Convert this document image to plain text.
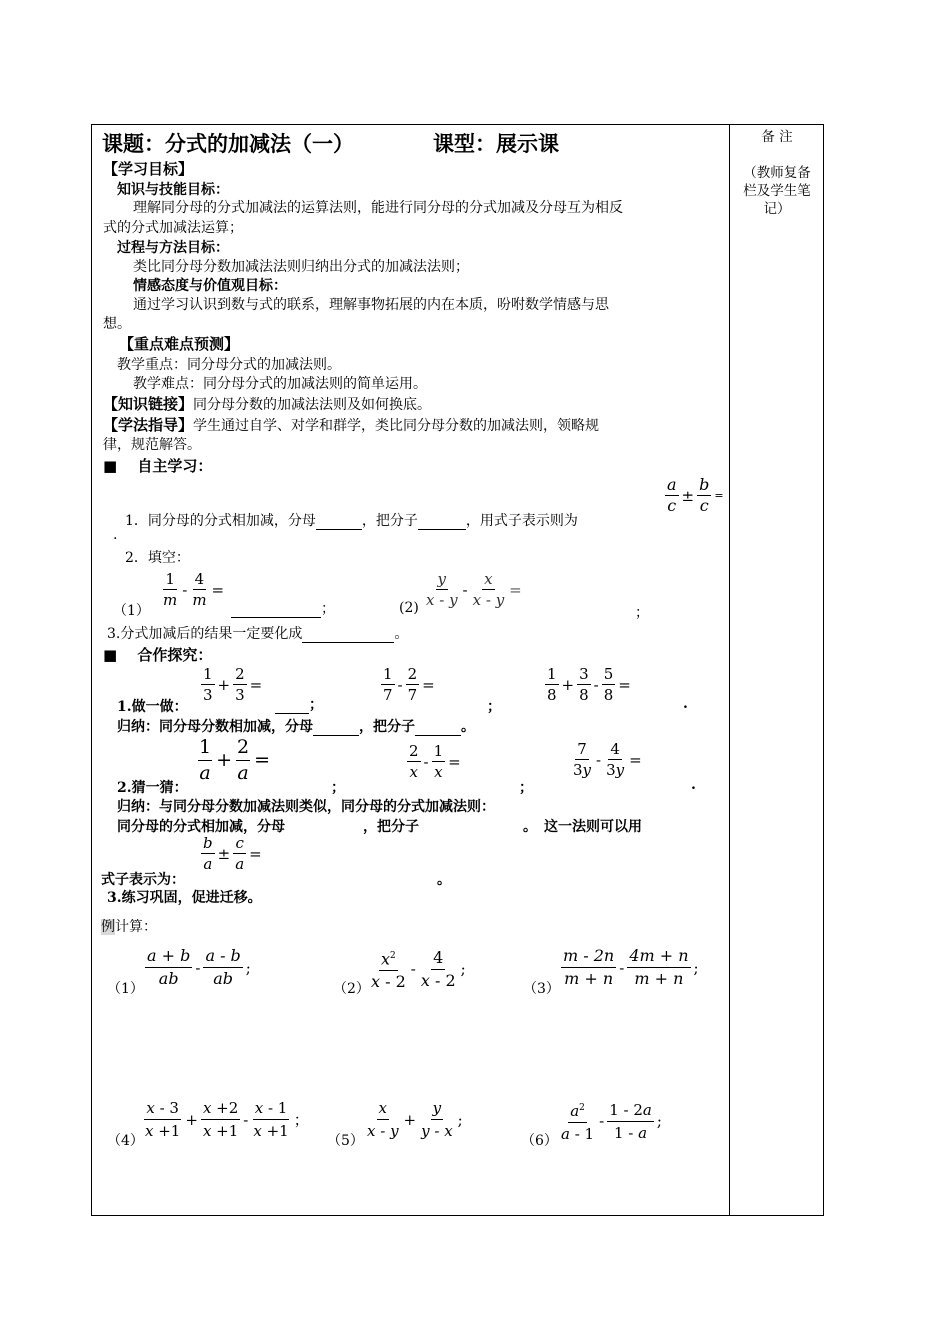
备 注
（教师复备栏及学生笔记）
课题：分式的加减法（一）	课型：展示课
【学习目标】
知识与技能目标：
理解同分母的分式加减法的运算法则，能进行同分母的分式加减及分母互为相反
式的分式加减法运算；
过程与方法目标：
类比同分母分数加减法法则归纳出分式的加减法法则；
情感态度与价值观目标：
通过学习认识到数与式的联系，理解事物拓展的内在本质，吩咐数学情感与思
想。
【重点难点预测】
教学重点：同分母分式的加减法则。
教学难点：同分母分式的加减法则的简单运用。
【知识链接】同分母分数的加减法法则及如何换底。
【学法指导】学生通过自学、对学和群学，类比同分母分数的加减法则，领略规
律，规范解答。
■　 自主学习：
$\frac{a}{c} \pm \frac{b}{c}$ =
1．同分母的分式相加减，分母	，把分子	，用式子表示则为
.
2．填空：
（1）
$\frac{1}{m} - \frac{4}{m}$ =
；	$(2) \frac{y}{x - y} - \frac{x}{x - y}$ =
；
3.分式加减后的结果一定要化成	。
■　 合作探究：
$\frac{1}{3} + \frac{2}{3}$ =	$\frac{1}{7} - \frac{2}{7}$ =	$\frac{1}{8} + \frac{3}{8} - \frac{5}{8}$ =
1.做一做：	；	；	.
归纳：同分母分数相加减，分母	，把分子	。
$\frac{1}{a} + \frac{2}{a}$ =	$\frac{2}{x} - \frac{1}{x}$ =	$\frac{7}{3y} - \frac{4}{3y}$ =
2.猜一猜：	；	；	.
归纳：与同分母分数加减法则类似，同分母的分式加减法则：
同分母的分式相加减，分母	，把分子	。　这一法则可以用
$\frac{b}{a} \pm \frac{c}{a}$ =
式子表示为：	。
3.练习巩固，促进迁移。
例计算：
$(1) \frac{a + b}{ab} - \frac{a - b}{ab}$ ;
$(2) \frac{x^2}{x - 2} - \frac{4}{x - 2}$ ;
$(3) \frac{m - 2n}{m + n} - \frac{4m + n}{m + n}$ ;
$(4) \frac{x - 3}{x +1} + \frac{x +2}{x +1} - \frac{x - 1}{x +1}$ ；
$(5) \frac{x}{x - y} + \frac{y}{y - x}$ ;
$(6) \frac{a^2}{a - 1} - \frac{1 - 2a}{1 - a}$ ;
